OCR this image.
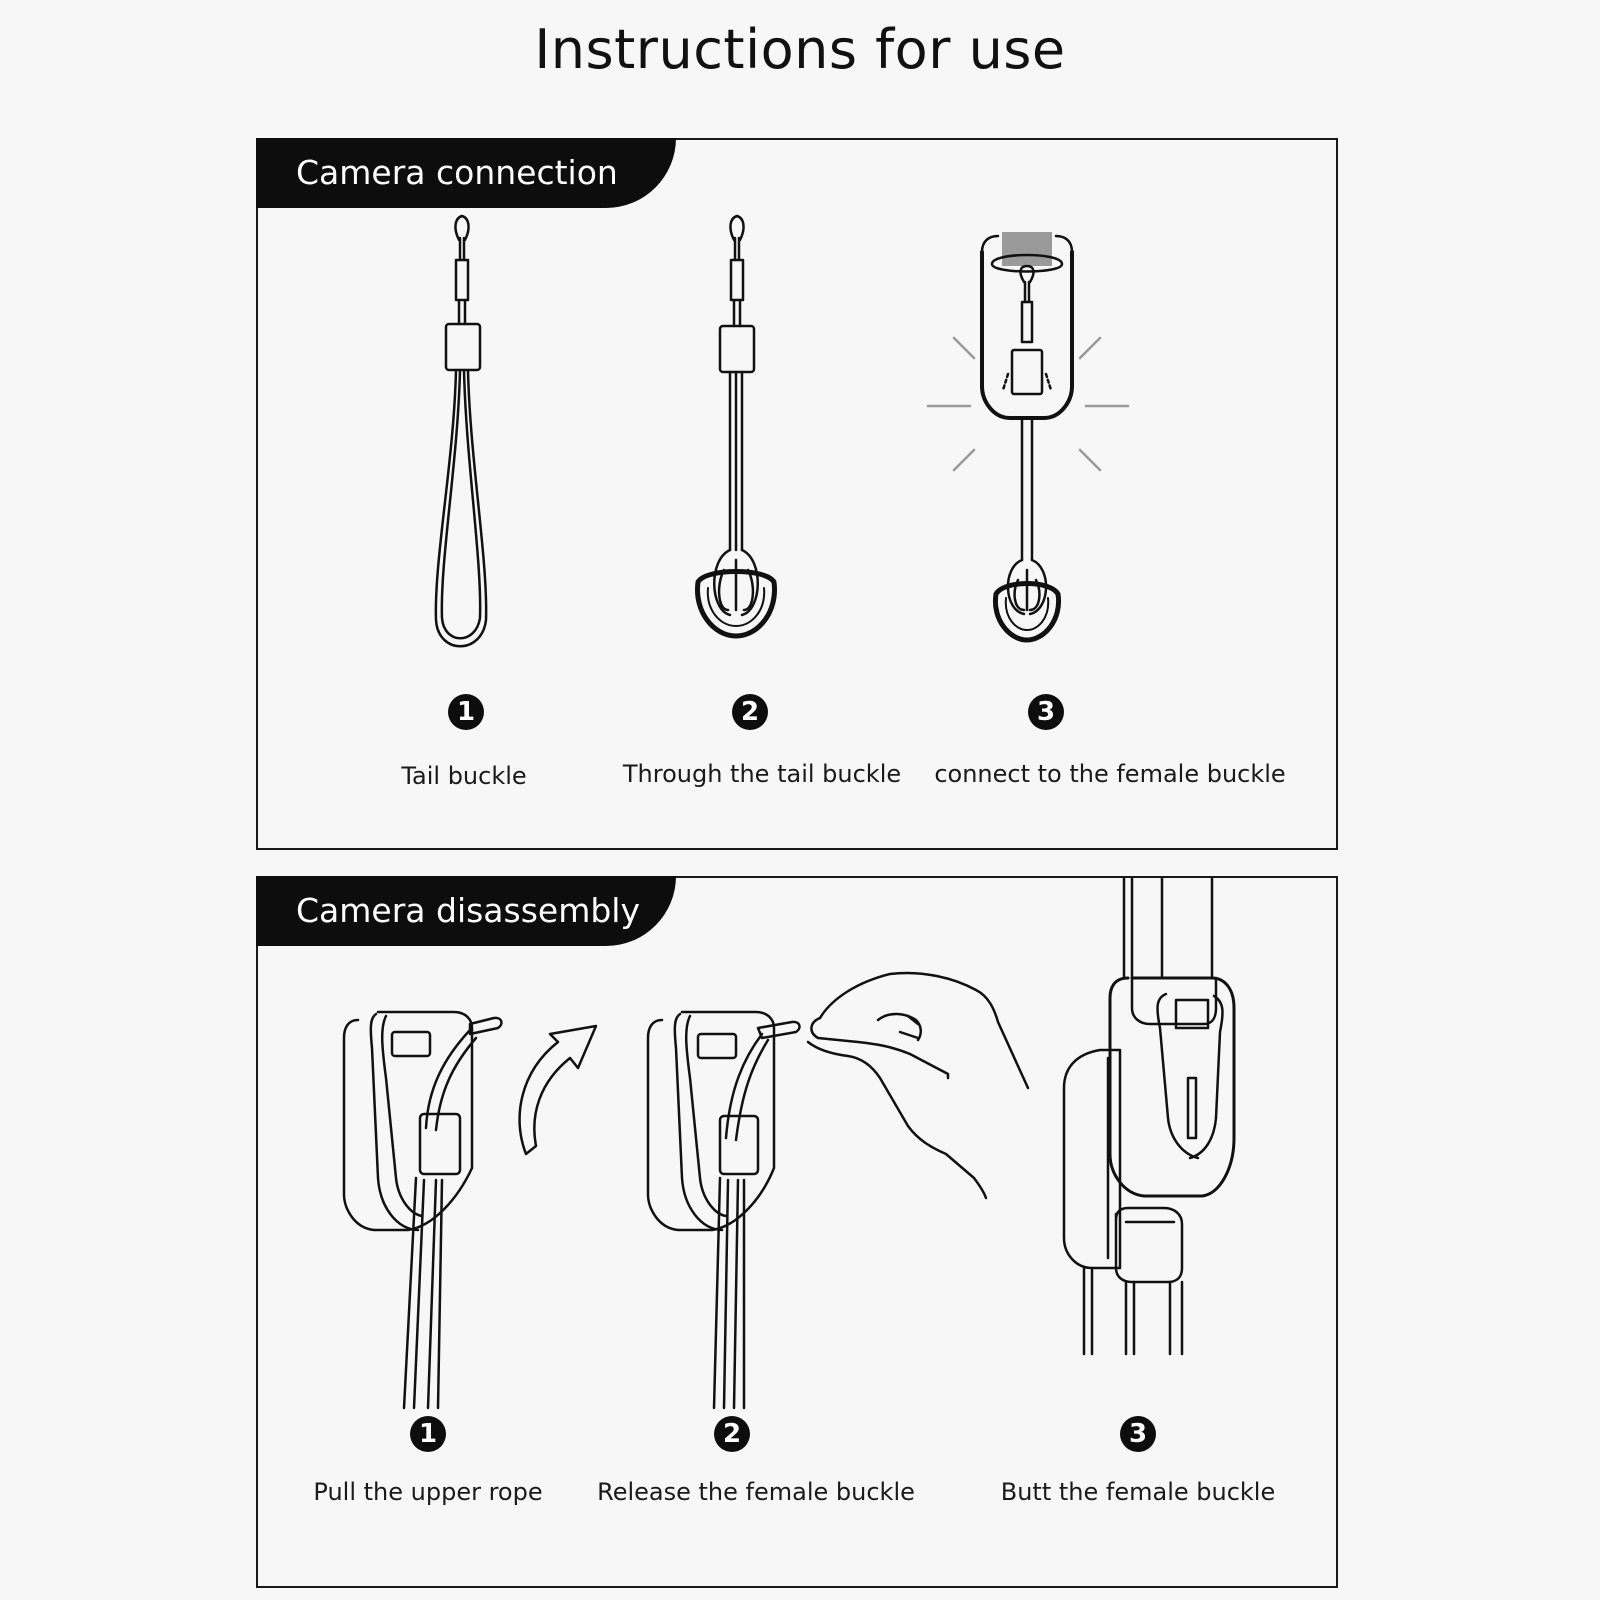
Instructions for use
Camera connection
1	2	3
Tail buckle	Through the tail buckle connect to the female buckle
Camera disassembly
1	2	3
Pull the upper rope Release the female buckle	Butt the female buckle
